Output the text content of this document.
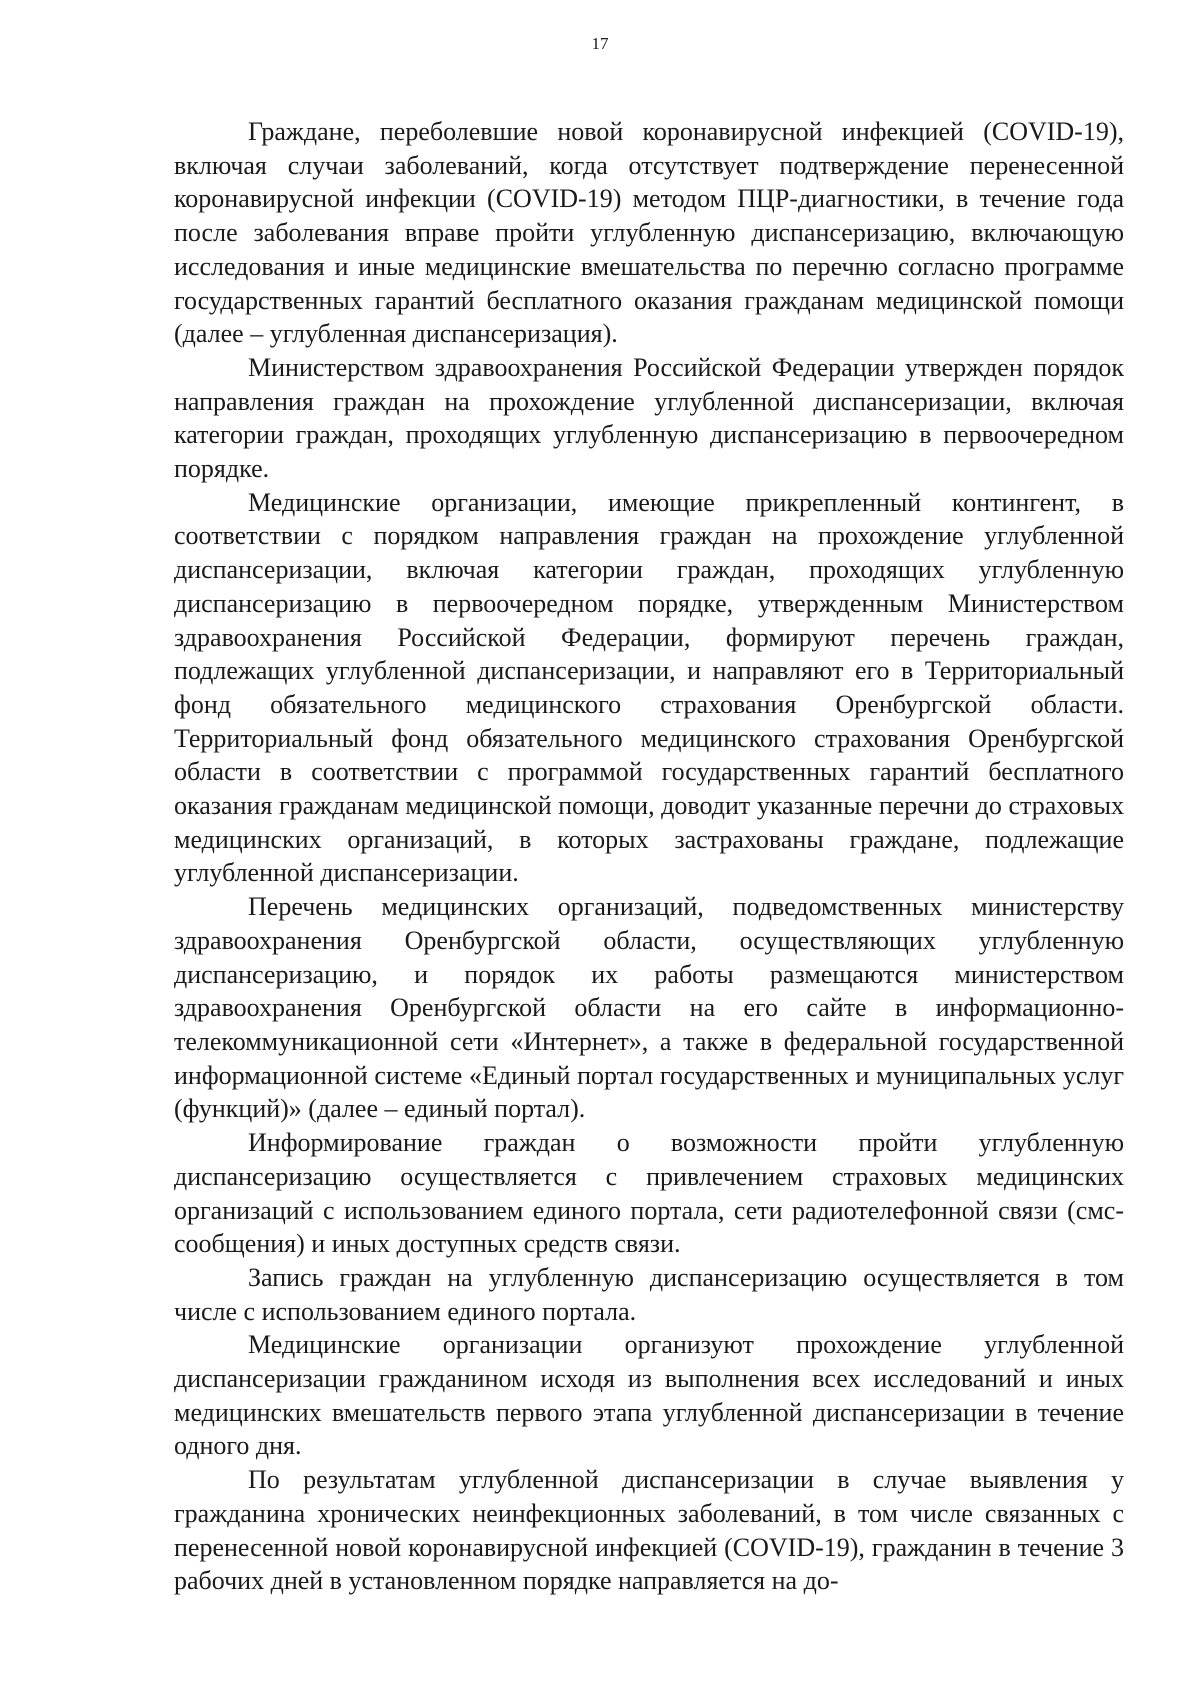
17

Граждане, переболевшие новой коронавирусной инфекцией (COVID-19), включая случаи заболеваний, когда отсутствует подтверждение перенесенной коронавирусной инфекции (COVID-19) методом ПЦР-диагностики, в течение года после заболевания вправе пройти углубленную диспансеризацию, включающую исследования и иные медицинские вмешательства по перечню согласно программе государственных гарантий бесплатного оказания гражданам медицинской помощи (далее – углубленная диспансеризация).

Министерством здравоохранения Российской Федерации утвержден порядок направления граждан на прохождение углубленной диспансеризации, включая категории граждан, проходящих углубленную диспансеризацию в первоочередном порядке.

Медицинские организации, имеющие прикрепленный контингент, в соответствии с порядком направления граждан на прохождение углубленной диспансеризации, включая категории граждан, проходящих углубленную диспансеризацию в первоочередном порядке, утвержденным Министерством здравоохранения Российской Федерации, формируют перечень граждан, подлежащих углубленной диспансеризации, и направляют его в Территориальный фонд обязательного медицинского страхования Оренбургской области. Территориальный фонд обязательного медицинского страхования Оренбургской области в соответствии с программой государственных гарантий бесплатного оказания гражданам медицинской помощи, доводит указанные перечни до страховых медицинских организаций, в которых застрахованы граждане, подлежащие углубленной диспансеризации.

Перечень медицинских организаций, подведомственных министерству здравоохранения Оренбургской области, осуществляющих углубленную диспансеризацию, и порядок их работы размещаются министерством здравоохранения Оренбургской области на его сайте в информационно-телекоммуникационной сети «Интернет», а также в федеральной государственной информационной системе «Единый портал государственных и муниципальных услуг (функций)» (далее – единый портал).

Информирование граждан о возможности пройти углубленную диспансеризацию осуществляется с привлечением страховых медицинских организаций с использованием единого портала, сети радиотелефонной связи (смс-сообщения) и иных доступных средств связи.

Запись граждан на углубленную диспансеризацию осуществляется в том числе с использованием единого портала.

Медицинские организации организуют прохождение углубленной диспансеризации гражданином исходя из выполнения всех исследований и иных медицинских вмешательств первого этапа углубленной диспансеризации в течение одного дня.

По результатам углубленной диспансеризации в случае выявления у гражданина хронических неинфекционных заболеваний, в том числе связанных с перенесенной новой коронавирусной инфекцией (COVID-19), гражданин в течение 3 рабочих дней в установленном порядке направляется на до-
